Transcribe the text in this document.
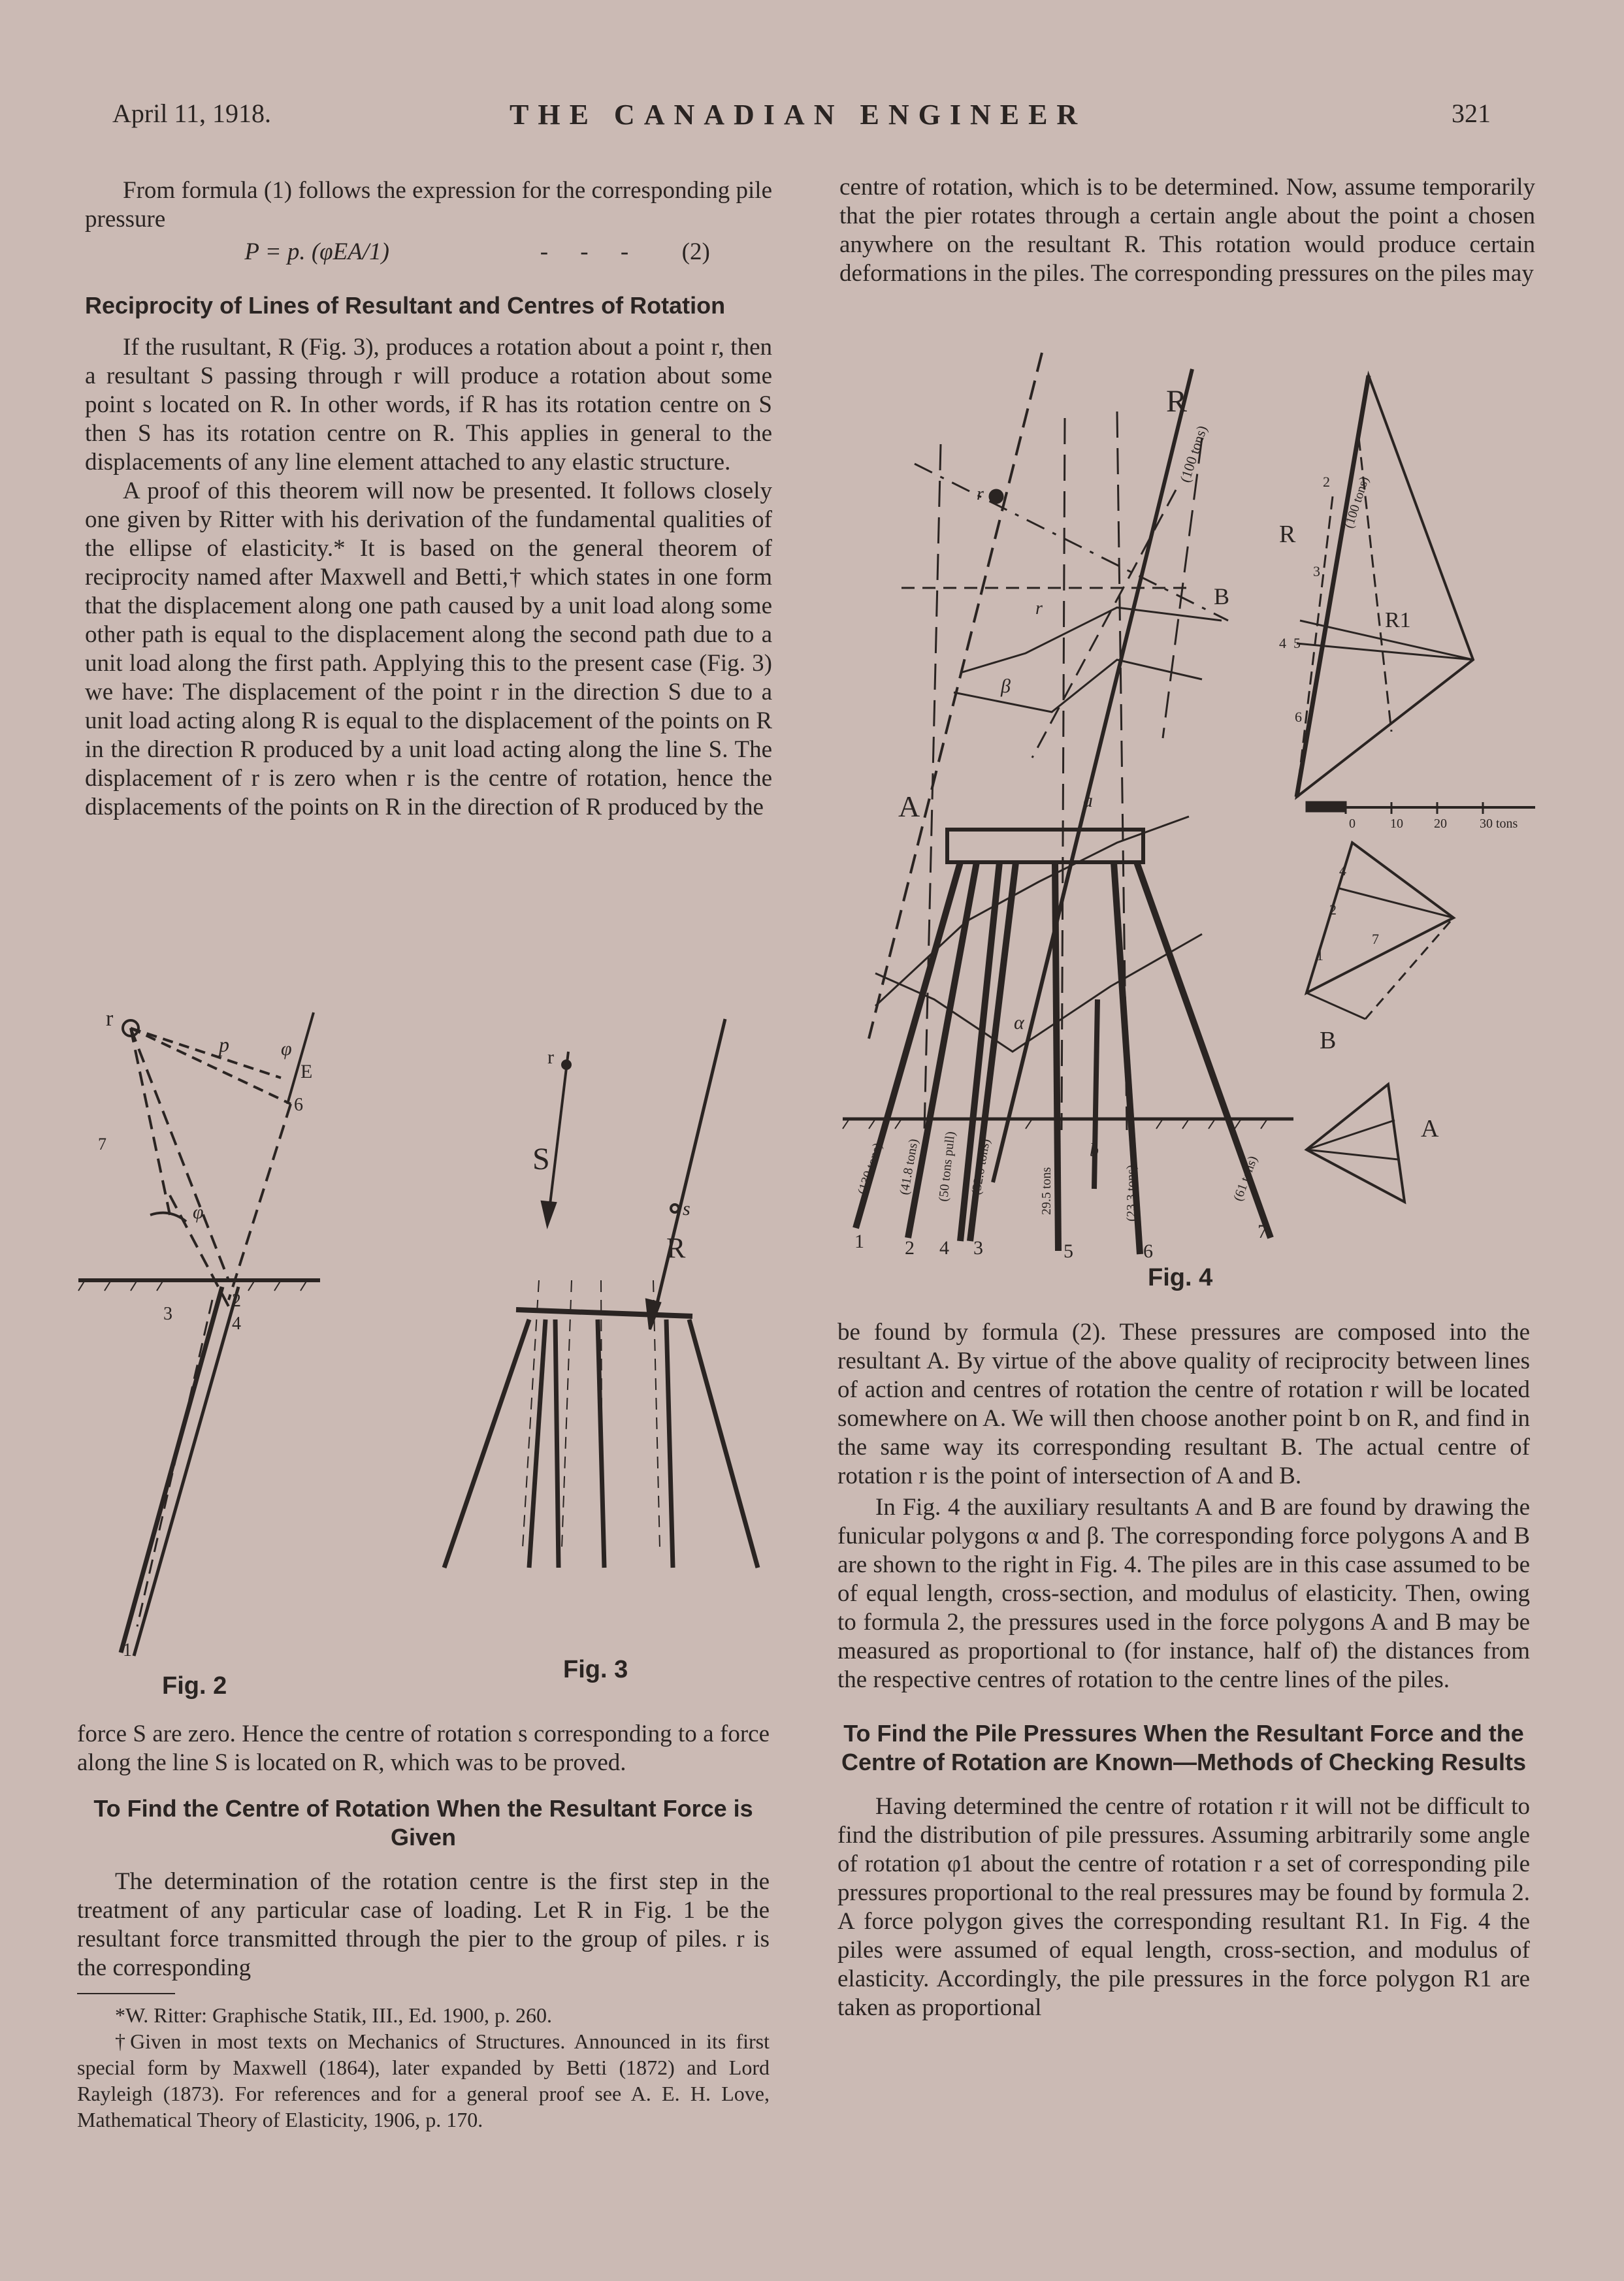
April 11, 1918.	THE CANADIAN ENGINEER	321

From formula (1) follows the expression for the corresponding pile pressure

P = p. (φEA/1)	- - - (2)
Reciprocity of Lines of Resultant and Centres of Rotation

If the rusultant, R (Fig. 3), produces a rotation about a point r, then a resultant S passing through r will produce a rotation about some point s located on R. In other words, if R has its rotation centre on S then S has its rotation centre on R. This applies in general to the displacements of any line element attached to any elastic structure.

A proof of this theorem will now be presented. It follows closely one given by Ritter with his derivation of the fundamental qualities of the ellipse of elasticity.* It is based on the general theorem of reciprocity named after Maxwell and Betti,† which states in one form that the displacement along one path caused by a unit load along some other path is equal to the displacement along the second path due to a unit load along the first path. Applying this to the present case (Fig. 3) we have: The displacement of the point r in the direction S due to a unit load acting along R is equal to the displacement of the points on R in the direction R produced by a unit load acting along the line S. The displacement of r is zero when r is the centre of rotation, hence the displacements of the points on R in the direction of R produced by the

r
p	φ
E
6
φ
3
2
4
1
7
Fig. 2
r
S
s
R
Fig. 3

force S are zero. Hence the centre of rotation s corresponding to a force along the line S is located on R, which was to be proved.

To Find the Centre of Rotation When the Resultant Force is Given

The determination of the rotation centre is the first step in the treatment of any particular case of loading. Let R in Fig. 1 be the resultant force transmitted through the pier to the group of piles. r is the corresponding

*W. Ritter: Graphische Statik, III., Ed. 1900, p. 260.

†Given in most texts on Mechanics of Structures. Announced in its first special form by Maxwell (1864), later expanded by Betti (1872) and Lord Rayleigh (1873). For references and for a general proof see A. E. H. Love, Mathematical Theory of Elasticity, 1906, p. 170.

centre of rotation, which is to be determined. Now, assume temporarily that the pier rotates through a certain angle about the point a chosen anywhere on the resultant R. This rotation would produce certain deformations in the piles. The corresponding pressures on the piles may

r
R
(100 tons)
B
A
r
β
a
α
b
1 2 4 3	5	6
7
(130 tons) (41.8 tons) (50 tons pull) (32.0 tons)	29.5 tons	(23.3 tons)	(61 tons)
R
R1
(100 tons)
2
3
4 5
6
0	10 20	30 tons
B
A
4
2
7
1
Fig. 4

be found by formula (2). These pressures are composed into the resultant A. By virtue of the above quality of reciprocity between lines of action and centres of rotation the centre of rotation r will be located somewhere on A. We will then choose another point b on R, and find in the same way its corresponding resultant B. The actual centre of rotation r is the point of intersection of A and B.

In Fig. 4 the auxiliary resultants A and B are found by drawing the funicular polygons α and β. The corresponding force polygons A and B are shown to the right in Fig. 4. The piles are in this case assumed to be of equal length, cross-section, and modulus of elasticity. Then, owing to formula 2, the pressures used in the force polygons A and B may be measured as proportional to (for instance, half of) the distances from the respective centres of rotation to the centre lines of the piles.

To Find the Pile Pressures When the Resultant Force and the Centre of Rotation are Known—Methods of Checking Results

Having determined the centre of rotation r it will not be difficult to find the distribution of pile pressures. Assuming arbitrarily some angle of rotation φ1 about the centre of rotation r a set of corresponding pile pressures proportional to the real pressures may be found by formula 2. A force polygon gives the corresponding resultant R1. In Fig. 4 the piles were assumed of equal length, cross-section, and modulus of elasticity. Accordingly, the pile pressures in the force polygon R1 are taken as proportional
